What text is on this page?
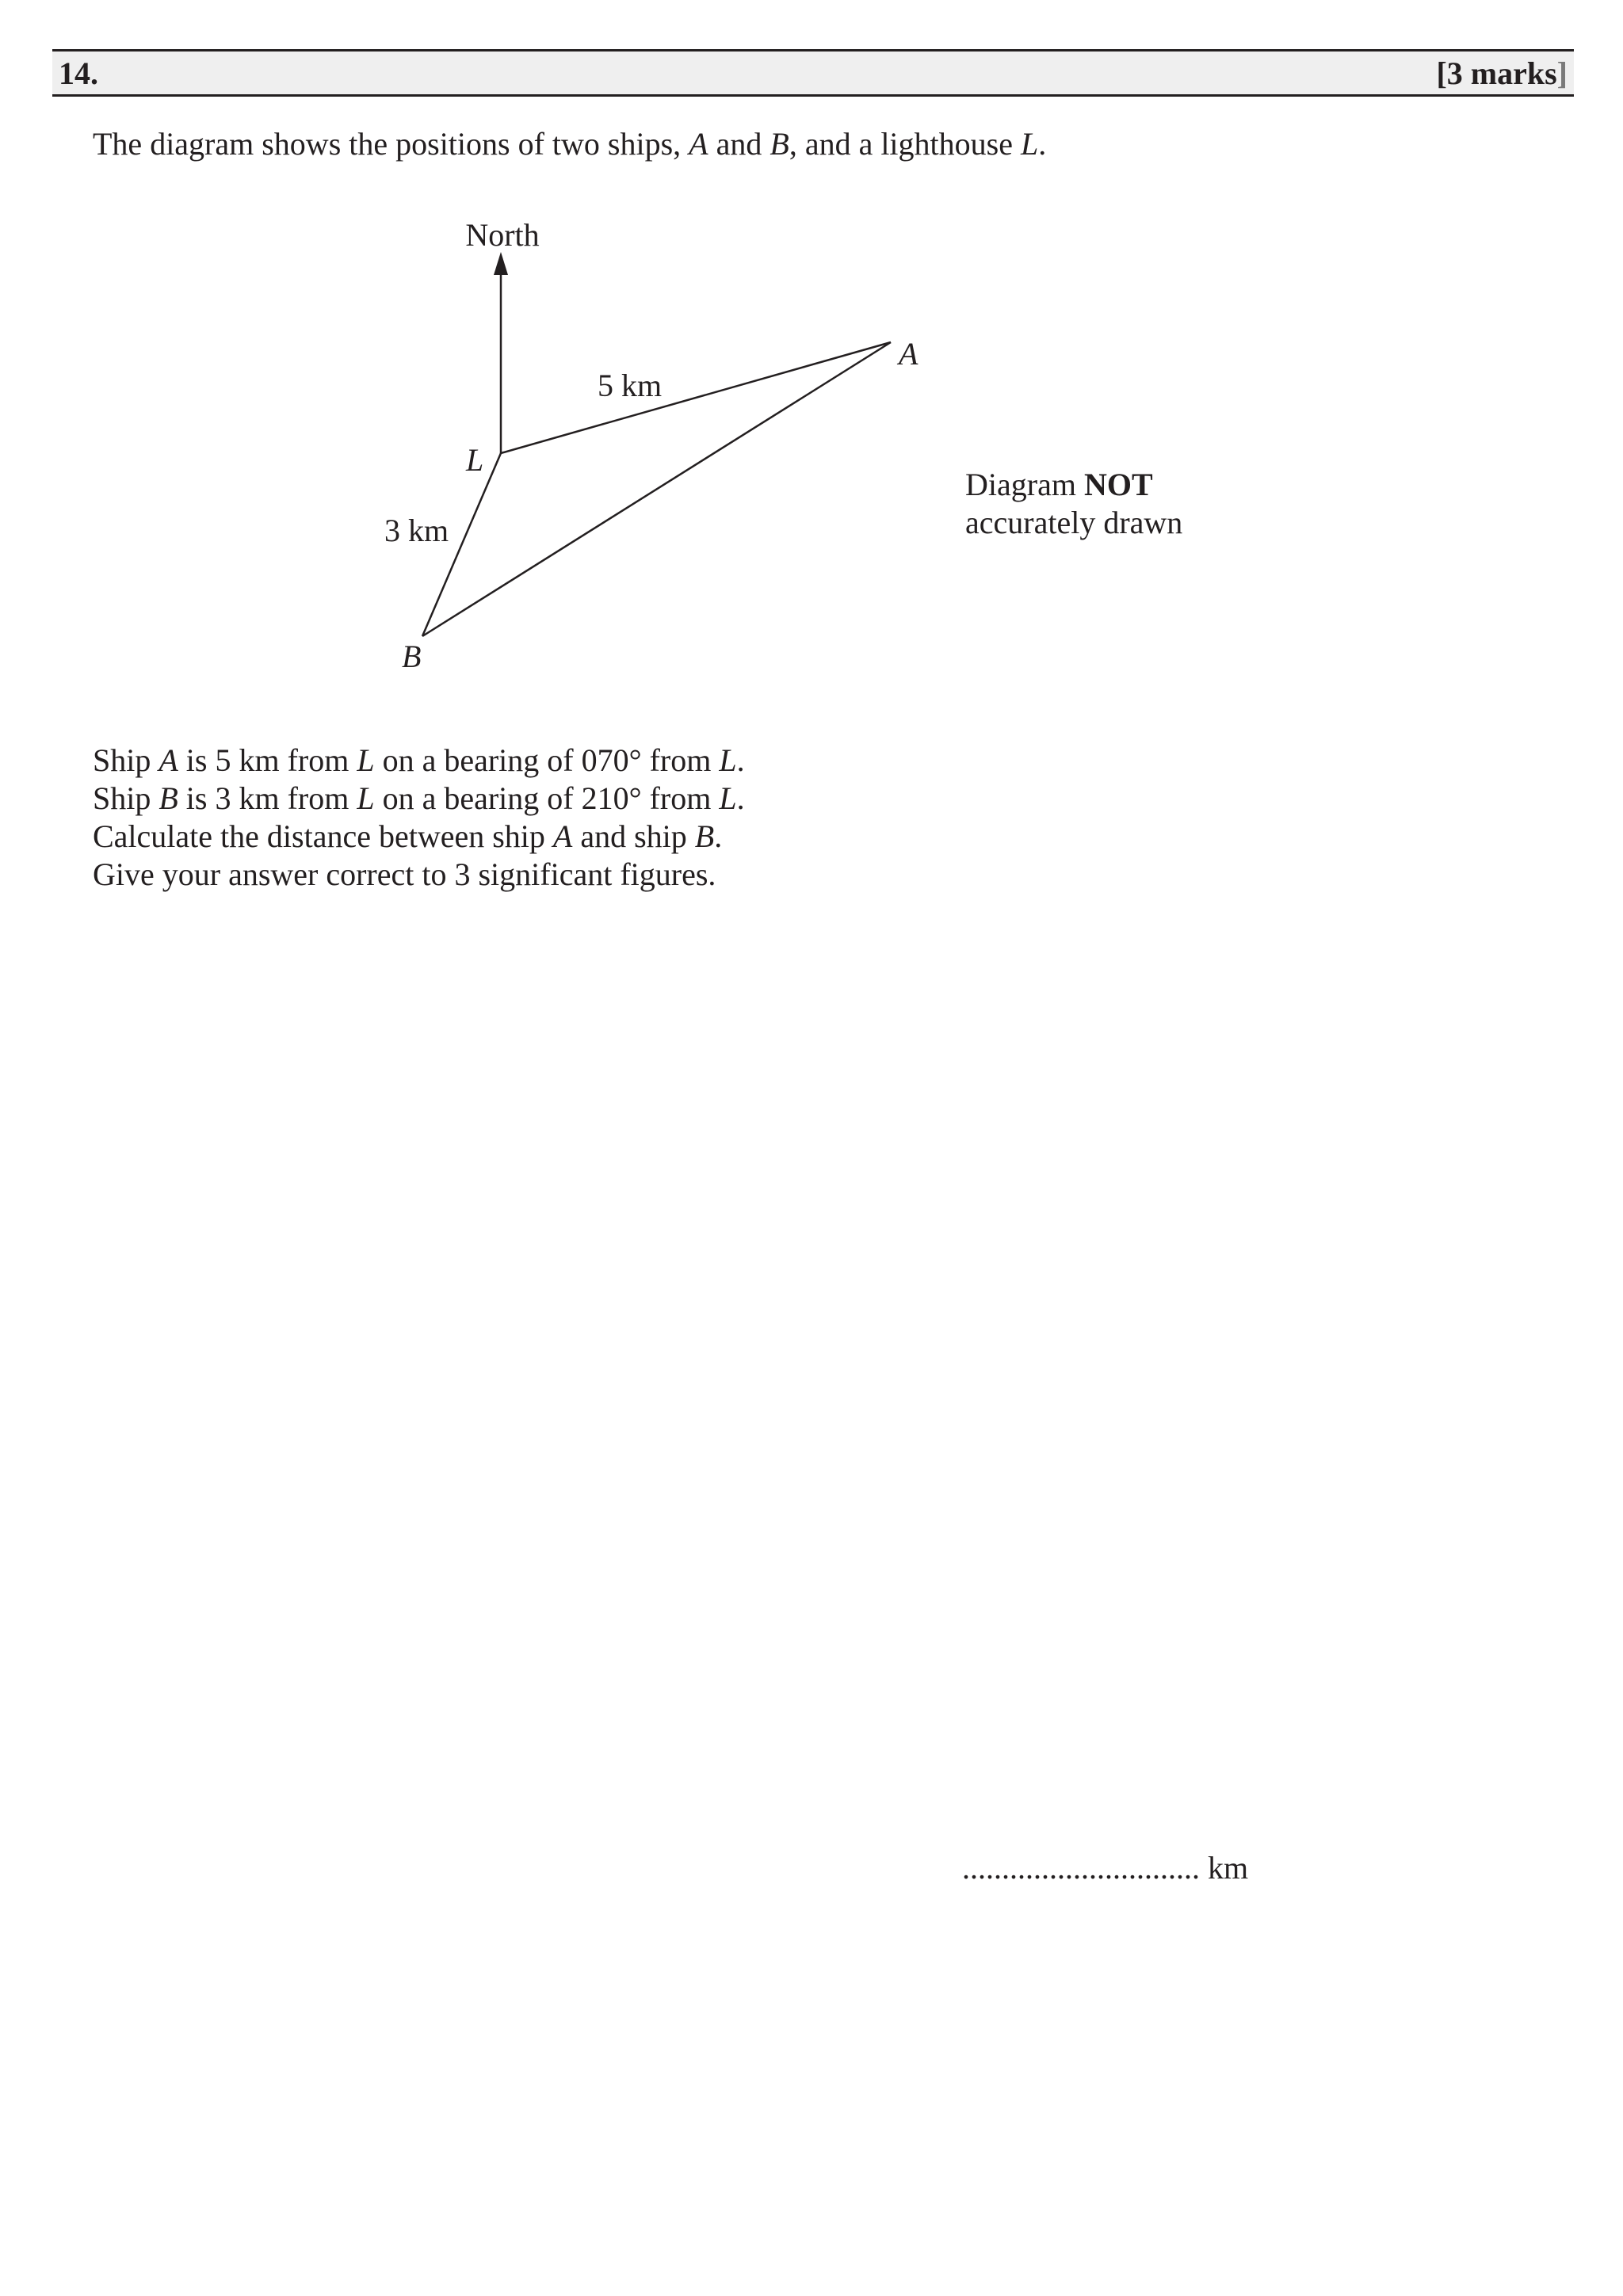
14.	[3 marks]
The diagram shows the positions of two ships, A and B, and a lighthouse L.
North
A
L
B
5 km
3 km
Diagram NOT
accurately drawn

Ship A is 5 km from L on a bearing of 070° from L.

Ship B is 3 km from L on a bearing of 210° from L.

Calculate the distance between ship A and ship B.

Give your answer correct to 3 significant figures.

.............................. km
